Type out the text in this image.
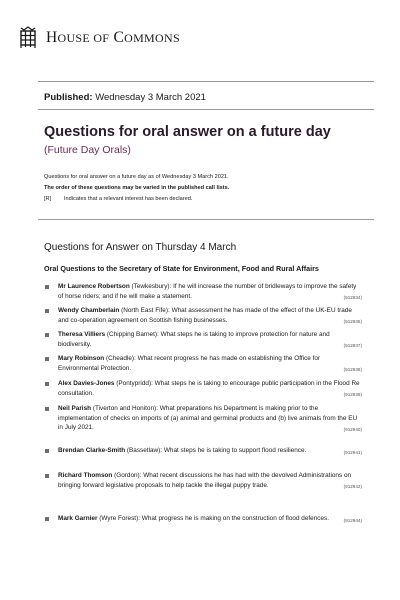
HOUSE OF COMMONS
Published: Wednesday 3 March 2021
Questions for oral answer on a future day
(Future Day Orals)
Questions for oral answer on a future day as of Wednesday 3 March 2021.
The order of these questions may be varied in the published call lists.
[R] Indicates that a relevant interest has been declared.
Questions for Answer on Thursday 4 March
Oral Questions to the Secretary of State for Environment, Food and Rural Affairs
Mr Laurence Robertson (Tewkesbury): If he will increase the number of bridleways to improve the safety of horse riders; and if he will make a statement.	(912934)
Wendy Chamberlain (North East Fife): What assessment he has made of the effect of the UK-EU trade and co-operation agreement on Scottish fishing businesses.	(912935)
Theresa Villiers (Chipping Barnet): What steps he is taking to improve protection for nature and biodiversity.	(912937)
Mary Robinson (Cheadle): What recent progress he has made on establishing the Office for Environmental Protection.	(912938)
Alex Davies-Jones (Pontypridd): What steps he is taking to encourage public participation in the Flood Re consultation.	(912939)
Neil Parish (Tiverton and Honiton): What preparations his Department is making prior to the implementation of checks on imports of (a) animal and germinal products and (b) live animals from the EU in July 2021.	(912940)
Brendan Clarke-Smith (Bassetlaw): What steps he is taking to support flood resilience.	(912941)
Richard Thomson (Gordon): What recent discussions he has had with the devolved Administrations on bringing forward legislative proposals to help tackle the illegal puppy trade.	(912942)
Mark Garnier (Wyre Forest): What progress he is making on the construction of flood defences.	(912944)
